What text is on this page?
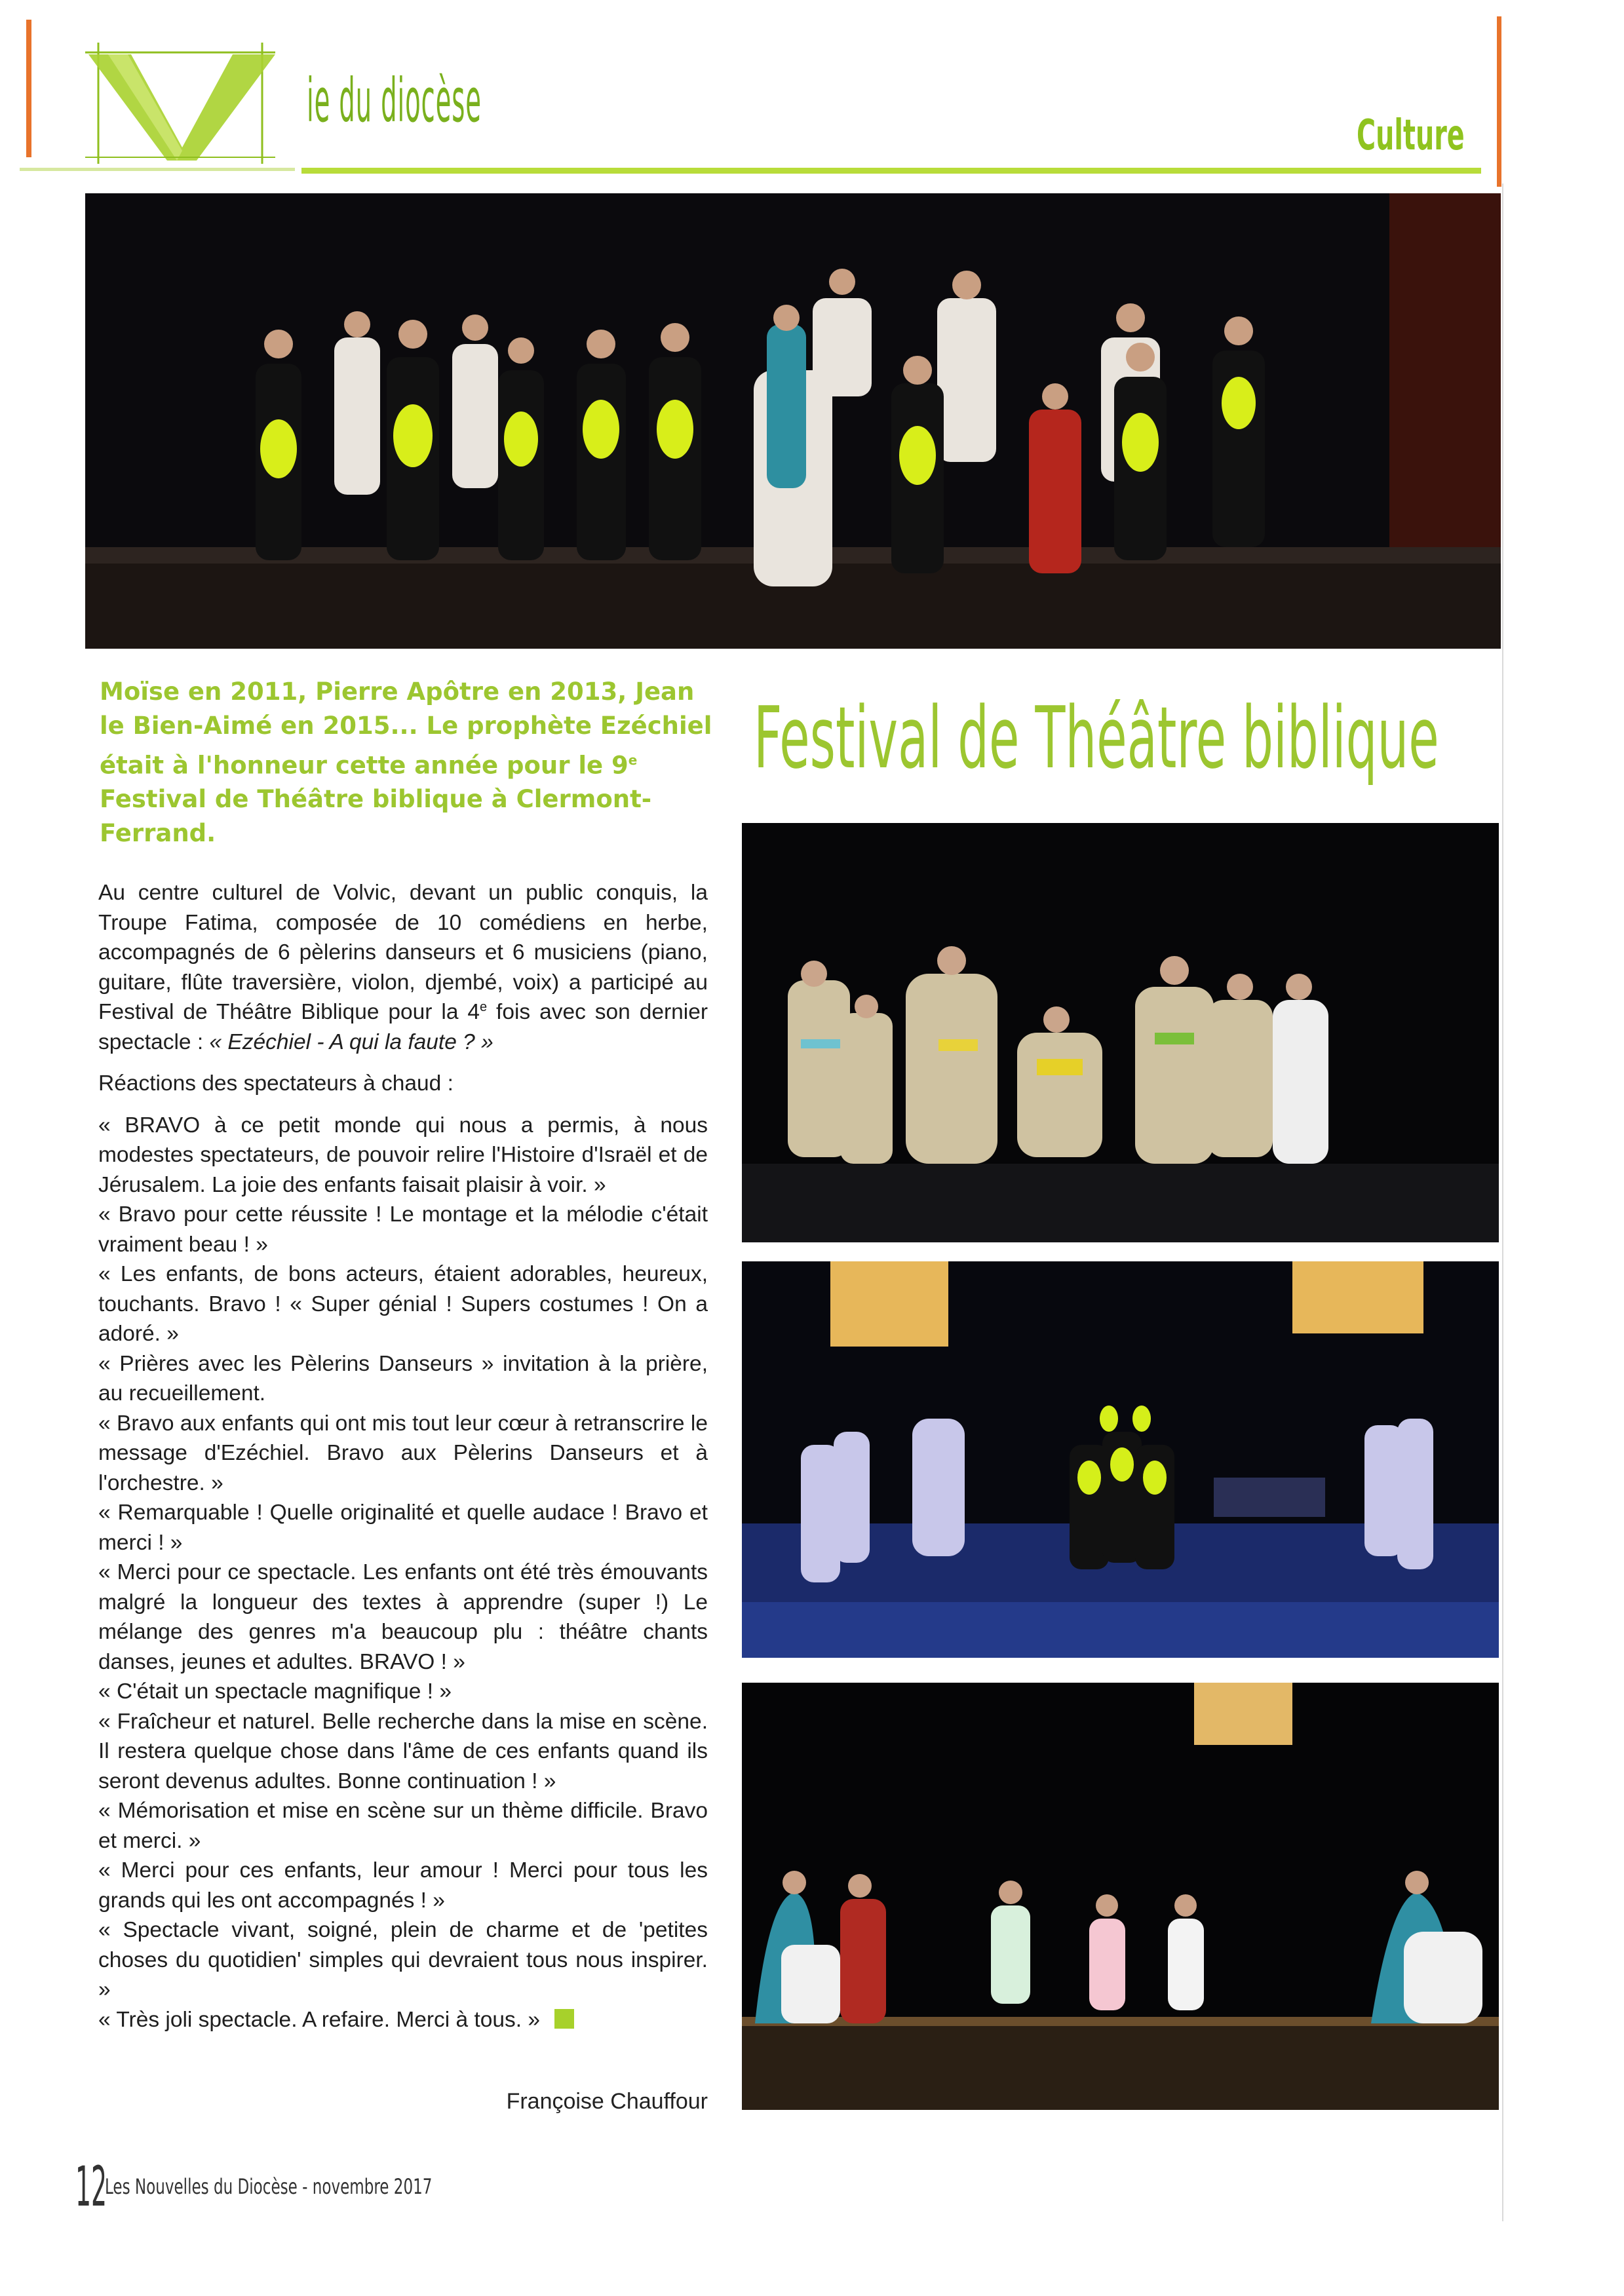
ie du diocèse	Culture
Moïse en 2011, Pierre Apôtre en 2013, Jean le Bien-Aimé en 2015... Le prophète Ezéchiel était à l'honneur cette année pour le 9e Festival de Théâtre biblique à Clermont-Ferrand.
Festival de Théâtre biblique

Au centre culturel de Volvic, devant un public conquis, la Troupe Fatima, composée de 10 comédiens en herbe, accompagnés de 6 pèlerins danseurs et 6 musiciens (piano, guitare, flûte traversière, violon, djembé, voix) a participé au Festival de Théâtre Biblique pour la 4e fois avec son dernier spectacle : « Ezéchiel - A qui la faute ? »

Réactions des spectateurs à chaud :

« BRAVO à ce petit monde qui nous a permis, à nous modestes spectateurs, de pouvoir relire l'Histoire d'Israël et de Jérusalem. La joie des enfants faisait plaisir à voir. »

« Bravo pour cette réussite ! Le montage et la mélodie c'était vraiment beau ! »

« Les enfants, de bons acteurs, étaient adorables, heureux, touchants. Bravo ! « Super génial ! Supers costumes ! On a adoré. »

« Prières avec les Pèlerins Danseurs » invitation à la prière, au recueillement.

« Bravo aux enfants qui ont mis tout leur cœur à retranscrire le message d'Ezéchiel. Bravo aux Pèlerins Danseurs et à l'orchestre. »

« Remarquable ! Quelle originalité et quelle audace ! Bravo et merci ! »

« Merci pour ce spectacle. Les enfants ont été très émouvants malgré la longueur des textes à apprendre (super !) Le mélange des genres m'a beaucoup plu : théâtre chants danses, jeunes et adultes. BRAVO ! »

« C'était un spectacle magnifique ! »

« Fraîcheur et naturel. Belle recherche dans la mise en scène. Il restera quelque chose dans l'âme de ces enfants quand ils seront devenus adultes. Bonne continuation ! »

« Mémorisation et mise en scène sur un thème difficile. Bravo et merci. »

« Merci pour ces enfants, leur amour ! Merci pour tous les grands qui les ont accompagnés ! »

« Spectacle vivant, soigné, plein de charme et de 'petites choses du quotidien' simples qui devraient tous nous inspirer. »

« Très joli spectacle. A refaire. Merci à tous. »

Françoise Chauffour
12
Les Nouvelles du Diocèse - novembre 2017
